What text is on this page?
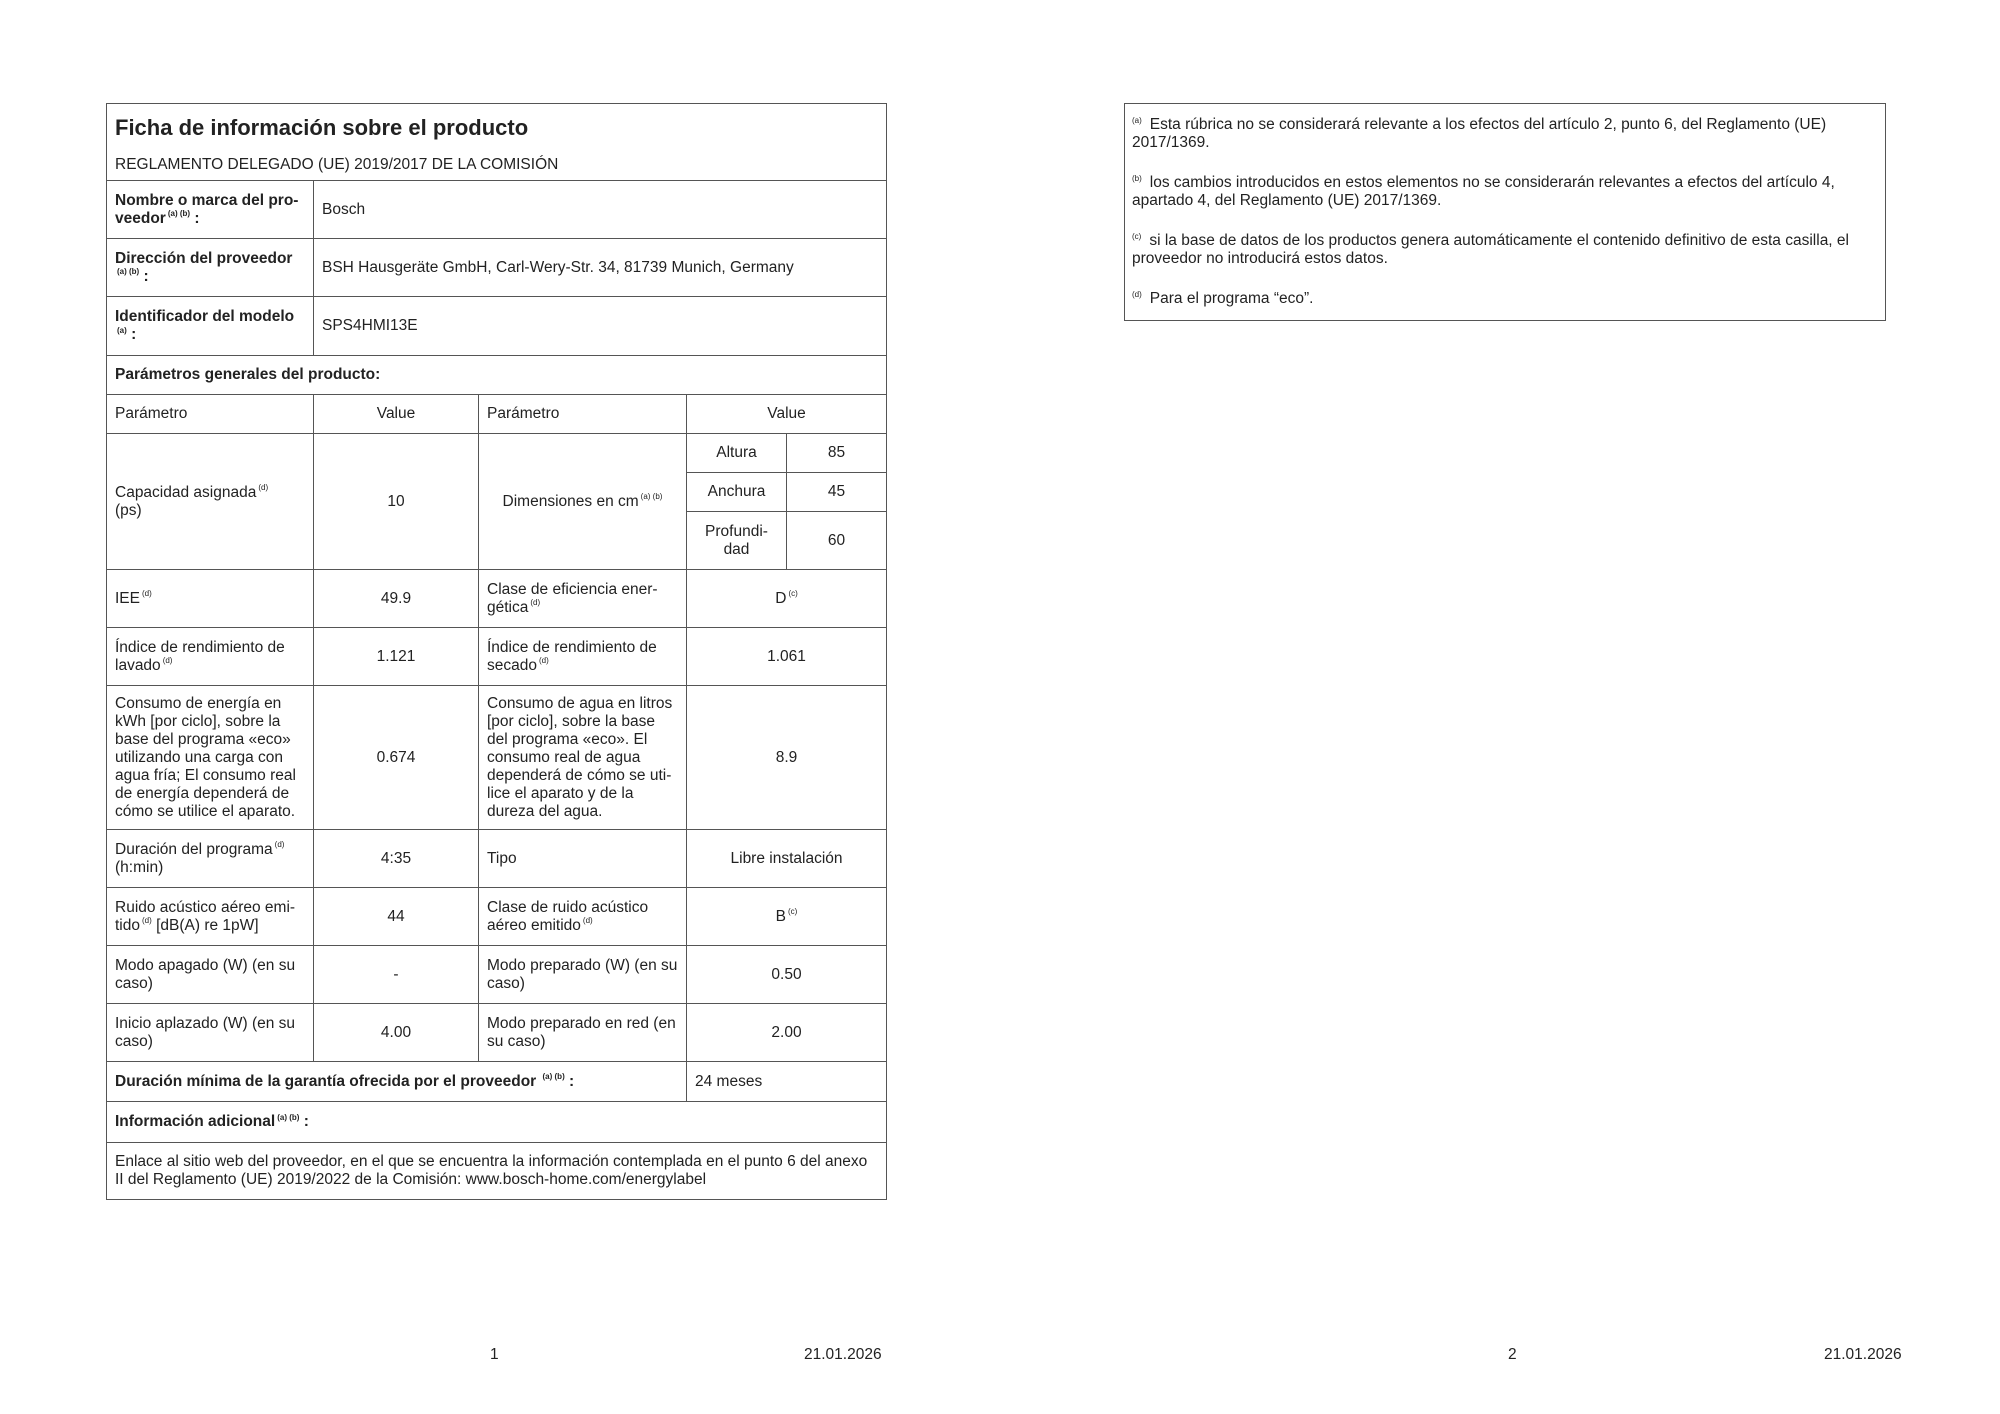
Ficha de información sobre el producto
REGLAMENTO DELEGADO (UE) 2019/2017 DE LA COMISIÓN				

Nombre o marca del pro-veedor $^{(a) (b)}$ :	Bosch			
Dirección del proveedor
$^{(a) (b)}$ :	BSH Hausgeräte GmbH, Carl-Wery-Str. 34, 81739 Munich, Germany			
Identificador del modelo
$^{(a)}$ :	SPS4HMI13E			
Parámetros generales del producto:				
Parámetro	Value	Parámetro	Value	
Capacidad asignada $^{(d)}$
(ps)	10	Dimensiones en cm $^{(a) (b)}$	Altura	85
			Anchura	45
			Profundi-dad	60
IEE $^{(d)}$	49.9	Clase de eficiencia ener-gética $^{(d)}$	D $^{(c)}$
Índice de rendimiento de lavado $^{(d)}$	1.121	Índice de rendimiento de secado $^{(d)}$	1.061	
Consumo de energía en kWh [por ciclo], sobre la base del programa «eco» utilizando una carga con agua fría; El consumo real de energía dependerá de cómo se utilice el aparato.	0.674	Consumo de agua en litros [por ciclo], sobre la base del programa «eco». El consumo real de agua dependerá de cómo se uti-lice el aparato y de la dureza del agua.	8.9	
Duración del programa $^{(d)}$
(h:min)	4:35	Tipo	Libre instalación	
Ruido acústico aéreo emi-tido $^{(d)}$ [dB(A) re 1pW]	44	Clase de ruido acústico aéreo emitido $^{(d)}$	B $^{(c)}$
Modo apagado (W) (en su caso)	-	Modo preparado (W) (en su caso)	0.50	
Inicio aplazado (W) (en su caso)	4.00	Modo preparado en red (en su caso)	2.00	
Duración mínima de la garantía ofrecida por el proveedor $^{(a) (b)}$ :			24 meses	
Información adicional $^{(a) (b)}$ :				
Enlace al sitio web del proveedor, en el que se encuentra la información contemplada en el punto 6 del anexo II del Reglamento (UE) 2019/2022 de la Comisión: www.bosch-home.com/energylabel				
1	21.01.2026
$^{(a)}$ Esta rúbrica no se considerará relevante a los efectos del artículo 2, punto 6, del Reglamento (UE) 2017/1369.
$^{(b)}$ los cambios introducidos en estos elementos no se considerarán relevantes a efectos del artículo 4, apartado 4, del Reglamento (UE) 2017/1369.
$^{(c)}$ si la base de datos de los productos genera automáticamente el contenido definitivo de esta casilla, el proveedor no introducirá estos datos.
$^{(d)}$ Para el programa “eco”.
2	21.01.2026
